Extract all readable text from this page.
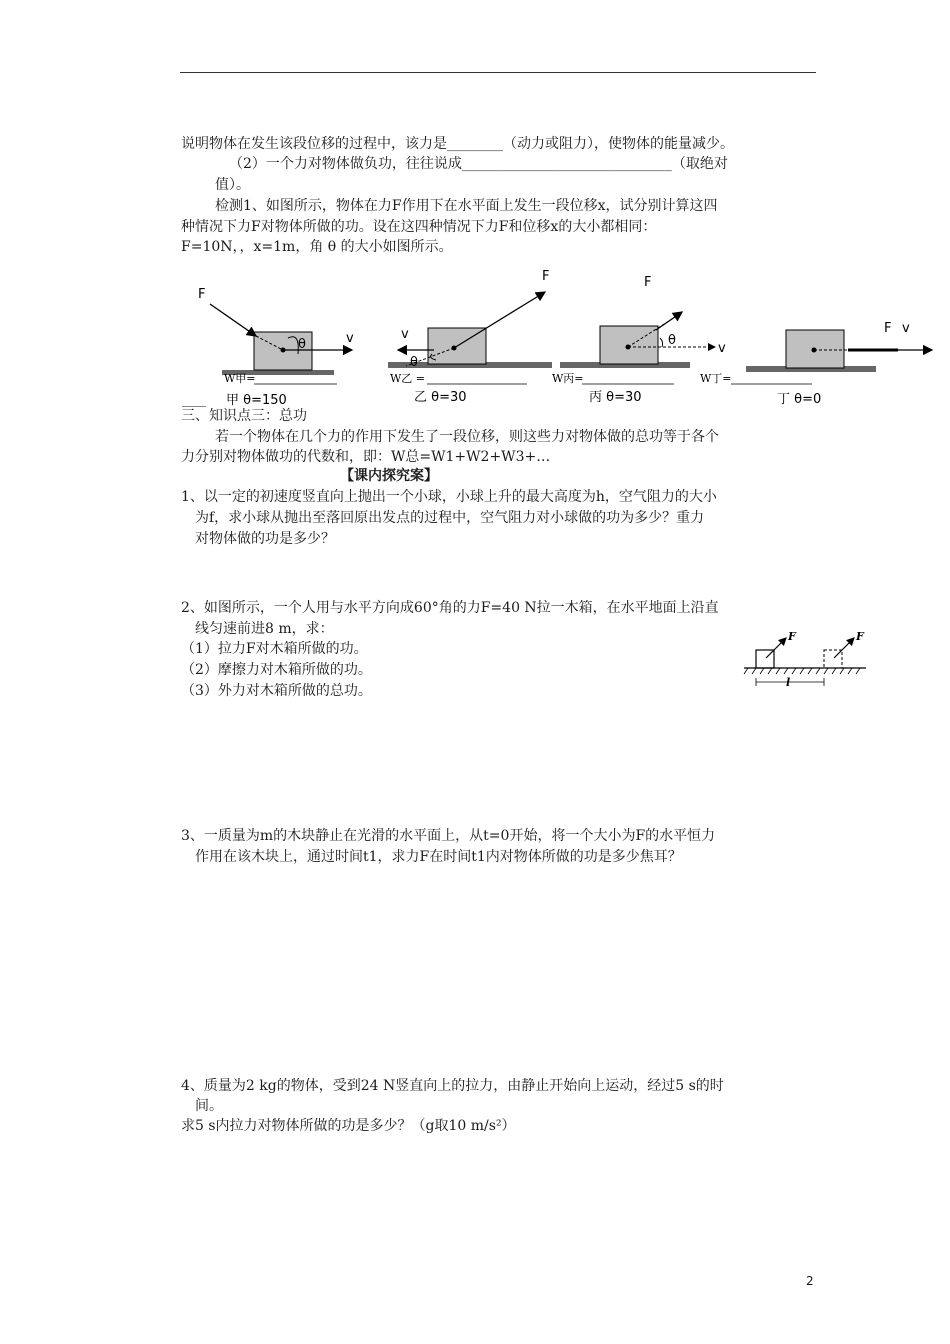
说明物体在发生该段位移的过程中，该力是________（动力或阻力），使物体的能量减少。
（2）一个力对物体做负功，往往说成______________________________（取绝对
值）。
检测1、如图所示，物体在力F作用下在水平面上发生一段位移x，试分别计算这四
种情况下力F对物体所做的功。设在这四种情况下力F和位移x的大小都相同：
F=10N，，x=1m，角 θ 的大小如图所示。
F
v
θ
F
v
θ
F
v
θ
F v
W甲=	W乙 =	W丙=	W丁=
____ 甲 θ=150	乙 θ=30	丙 θ=30	丁 θ=0
三、知识点三：总功
若一个物体在几个力的作用下发生了一段位移，则这些力对物体做的总功等于各个
力分别对物体做功的代数和，即：W总=W1+W2+W3+…
【课内探究案】
1、以一定的初速度竖直向上抛出一个小球，小球上升的最大高度为h，空气阻力的大小
为f，求小球从抛出至落回原出发点的过程中，空气阻力对小球做的功为多少？重力
对物体做的功是多少？
2、如图所示，一个人用与水平方向成60°角的力F=40 N拉一木箱，在水平地面上沿直
线匀速前进8 m，求：
（1）拉力F对木箱所做的功。
（2）摩擦力对木箱所做的功。
（3）外力对木箱所做的总功。
F	F
l
3、一质量为m的木块静止在光滑的水平面上，从t=0开始，将一个大小为F的水平恒力
作用在该木块上，通过时间t1，求力F在时间t1内对物体所做的功是多少焦耳？
4、质量为2 kg的物体，受到24 N竖直向上的拉力，由静止开始向上运动，经过5 s的时
间。
求5 s内拉力对物体所做的功是多少？（g取10 m/s²）
2
